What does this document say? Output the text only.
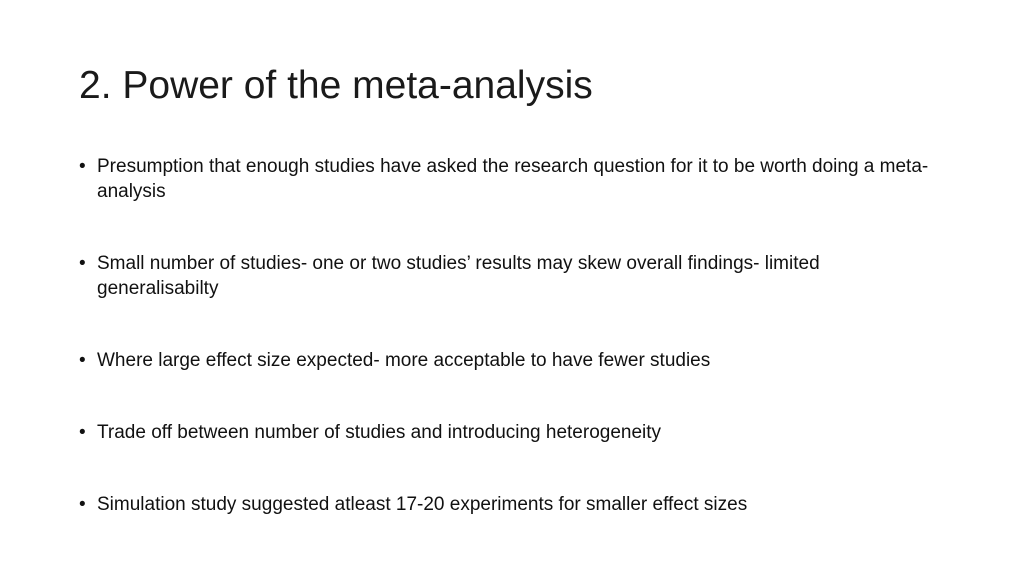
2. Power of the meta-analysis
• Presumption that enough studies have asked the research question for it to be worth doing a meta-analysis
• Small number of studies- one or two studies’ results may skew overall findings- limited generalisabilty
• Where large effect size expected- more acceptable to have fewer studies
• Trade off between number of studies and introducing heterogeneity
• Simulation study suggested atleast 17-20 experiments for smaller effect sizes
